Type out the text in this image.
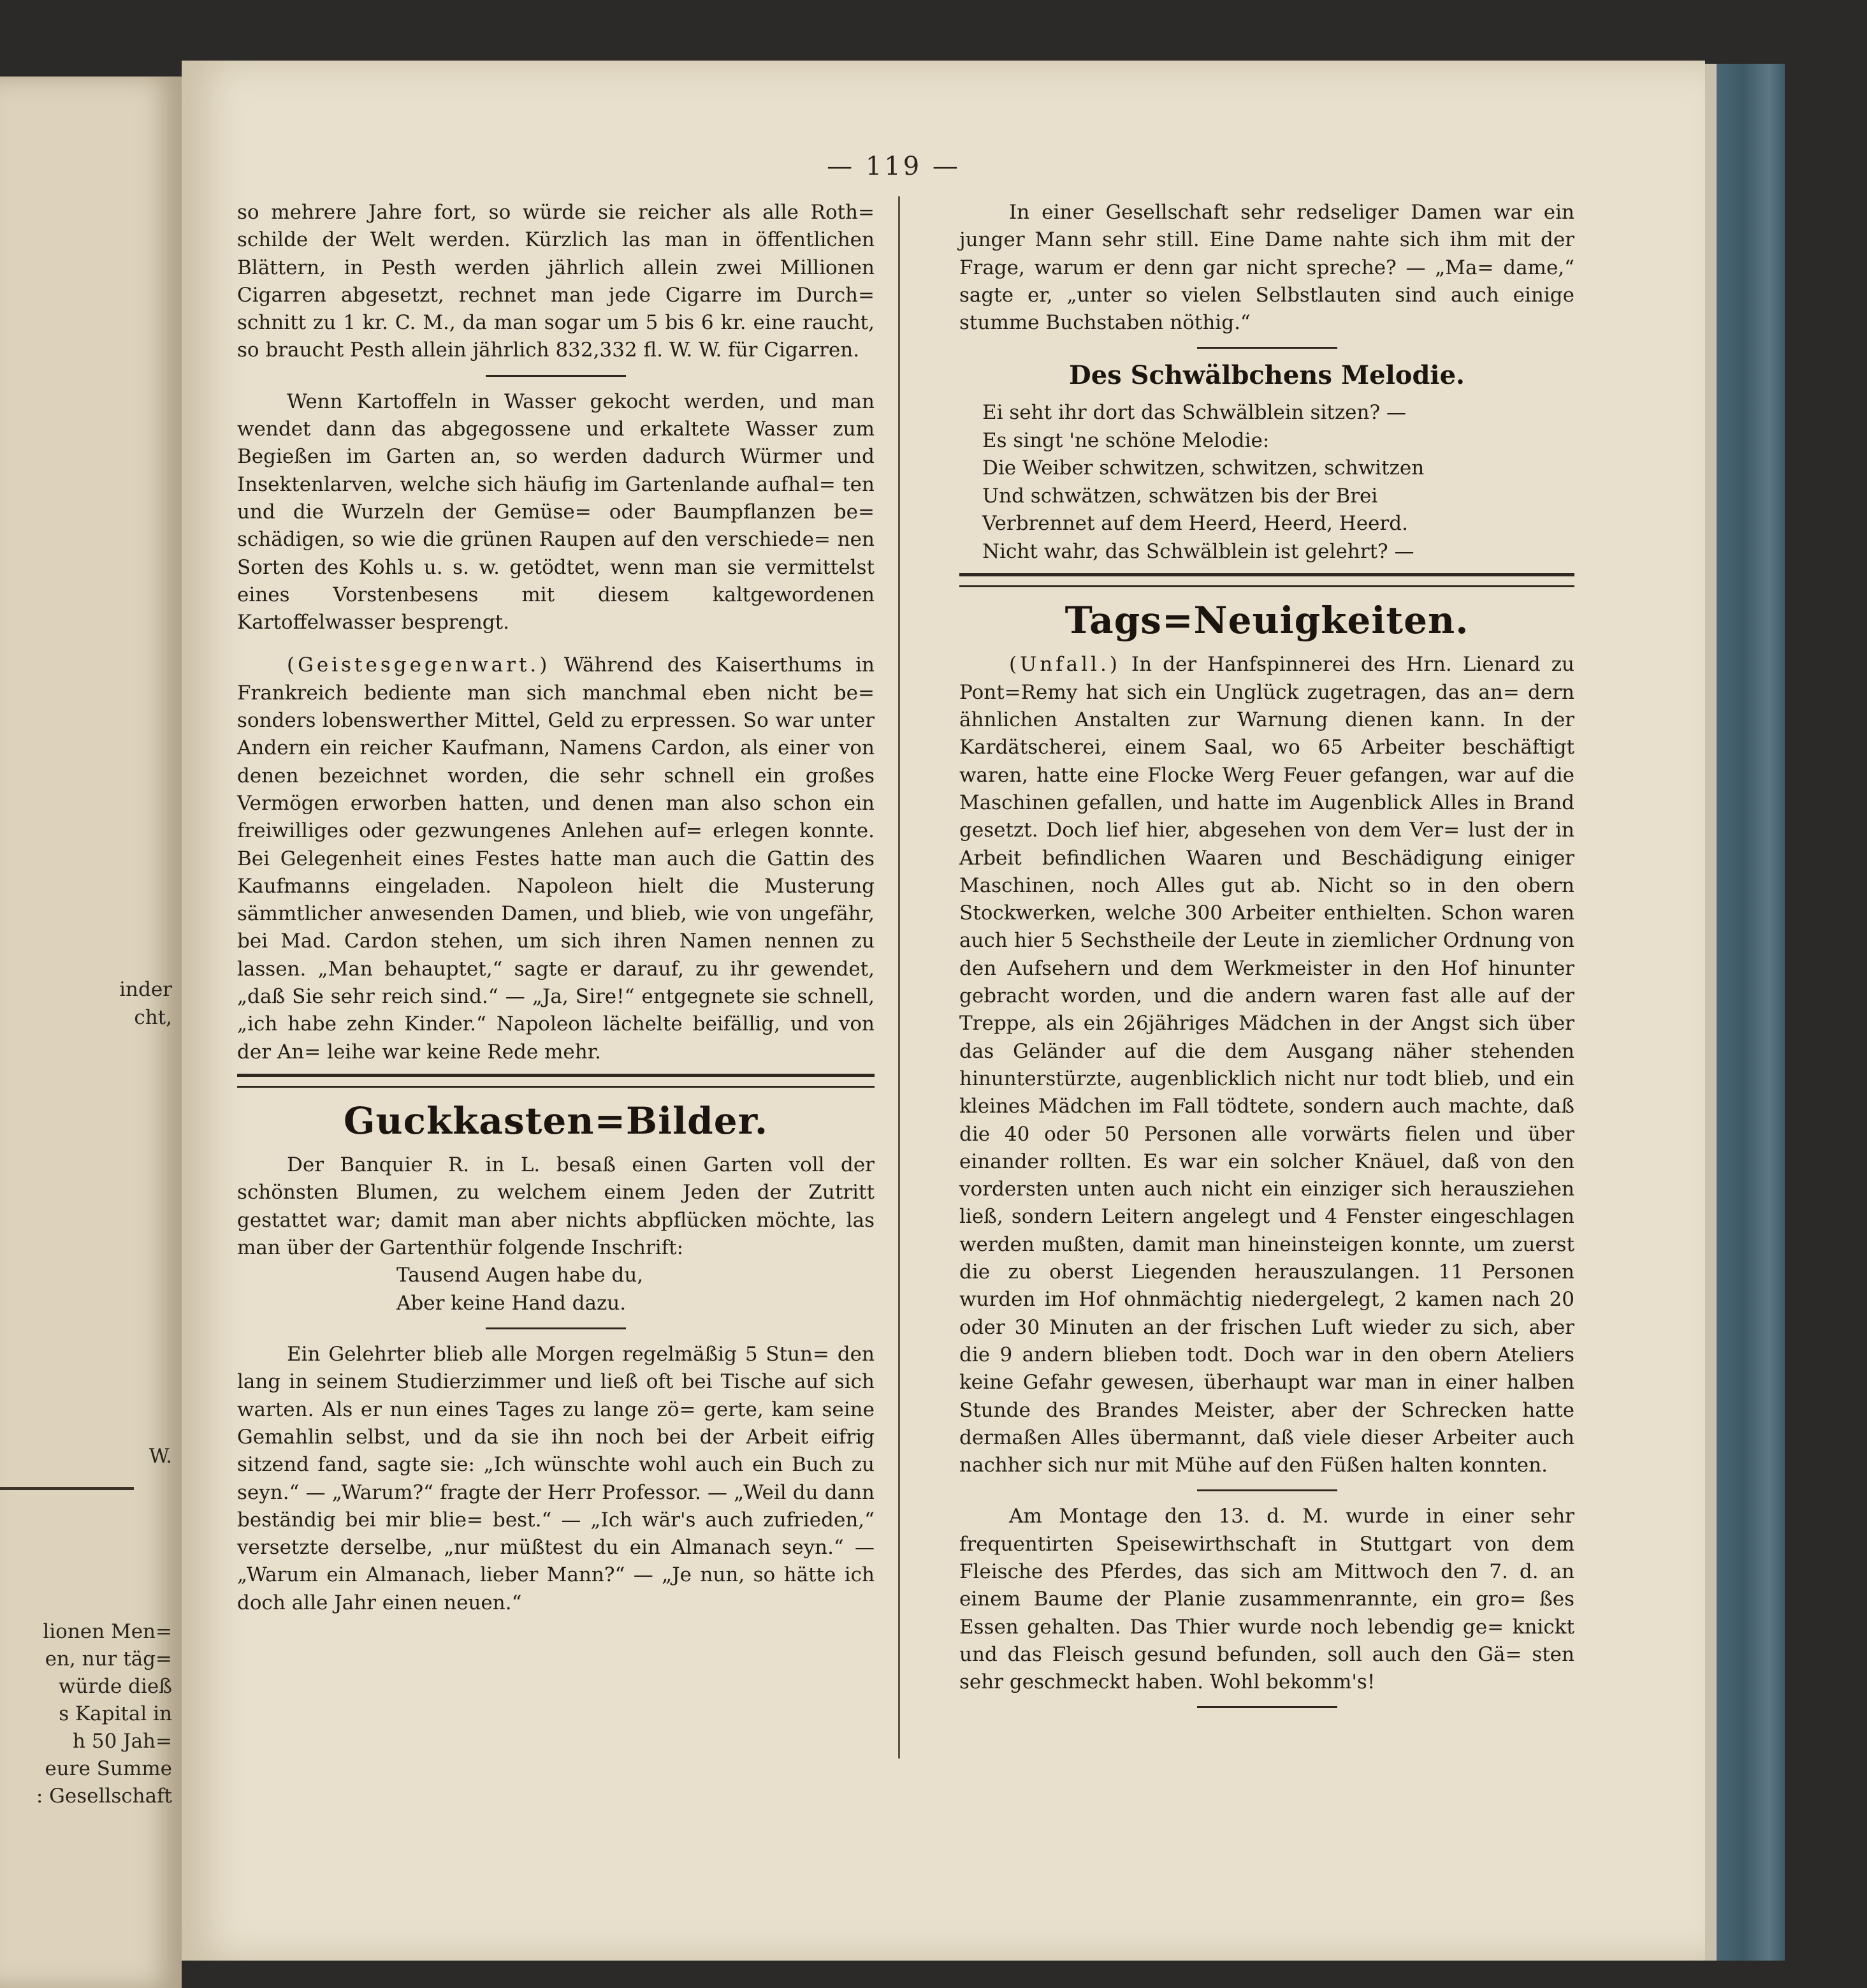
inder
cht,
W.
lionen Men=
en, nur täg=
würde dieß
s Kapital in
h 50 Jah=
eure Summe
: Gesellschaft
— 119 —

so mehrere Jahre fort, so würde sie reicher als alle Roth= schilde der Welt werden. Kürzlich las man in öffentlichen Blättern, in Pesth werden jährlich allein zwei Millionen Cigarren abgesetzt, rechnet man jede Cigarre im Durch= schnitt zu 1 kr. C. M., da man sogar um 5 bis 6 kr. eine raucht, so braucht Pesth allein jährlich 832,332 fl. W. W. für Cigarren.

Wenn Kartoffeln in Wasser gekocht werden, und man wendet dann das abgegossene und erkaltete Wasser zum Begießen im Garten an, so werden dadurch Würmer und Insektenlarven, welche sich häufig im Gartenlande aufhal= ten und die Wurzeln der Gemüse= oder Baumpflanzen be= schädigen, so wie die grünen Raupen auf den verschiede= nen Sorten des Kohls u. s. w. getödtet, wenn man sie vermittelst eines Vorstenbesens mit diesem kaltgewordenen Kartoffelwasser besprengt.

(Geistesgegenwart.) Während des Kaiserthums in Frankreich bediente man sich manchmal eben nicht be= sonders lobenswerther Mittel, Geld zu erpressen. So war unter Andern ein reicher Kaufmann, Namens Cardon, als einer von denen bezeichnet worden, die sehr schnell ein großes Vermögen erworben hatten, und denen man also schon ein freiwilliges oder gezwungenes Anlehen auf= erlegen konnte. Bei Gelegenheit eines Festes hatte man auch die Gattin des Kaufmanns eingeladen. Napoleon hielt die Musterung sämmtlicher anwesenden Damen, und blieb, wie von ungefähr, bei Mad. Cardon stehen, um sich ihren Namen nennen zu lassen. „Man behauptet,“ sagte er darauf, zu ihr gewendet, „daß Sie sehr reich sind.“ — „Ja, Sire!“ entgegnete sie schnell, „ich habe zehn Kinder.“ Napoleon lächelte beifällig, und von der An= leihe war keine Rede mehr.

Guckkasten=Bilder.

Der Banquier R. in L. besaß einen Garten voll der schönsten Blumen, zu welchem einem Jeden der Zutritt gestattet war; damit man aber nichts abpflücken möchte, las man über der Gartenthür folgende Inschrift:

Tausend Augen habe du,
Aber keine Hand dazu.

Ein Gelehrter blieb alle Morgen regelmäßig 5 Stun= den lang in seinem Studierzimmer und ließ oft bei Tische auf sich warten. Als er nun eines Tages zu lange zö= gerte, kam seine Gemahlin selbst, und da sie ihn noch bei der Arbeit eifrig sitzend fand, sagte sie: „Ich wünschte wohl auch ein Buch zu seyn.“ — „Warum?“ fragte der Herr Professor. — „Weil du dann beständig bei mir blie= best.“ — „Ich wär's auch zufrieden,“ versetzte derselbe, „nur müßtest du ein Almanach seyn.“ — „Warum ein Almanach, lieber Mann?“ — „Je nun, so hätte ich doch alle Jahr einen neuen.“

In einer Gesellschaft sehr redseliger Damen war ein junger Mann sehr still. Eine Dame nahte sich ihm mit der Frage, warum er denn gar nicht spreche? — „Ma= dame,“ sagte er, „unter so vielen Selbstlauten sind auch einige stumme Buchstaben nöthig.“

Des Schwälbchens Melodie.
Ei seht ihr dort das Schwälblein sitzen? —
Es singt 'ne schöne Melodie:
Die Weiber schwitzen, schwitzen, schwitzen
Und schwätzen, schwätzen bis der Brei
Verbrennet auf dem Heerd, Heerd, Heerd.
Nicht wahr, das Schwälblein ist gelehrt? —
Tags=Neuigkeiten.

(Unfall.) In der Hanfspinnerei des Hrn. Lienard zu Pont=Remy hat sich ein Unglück zugetragen, das an= dern ähnlichen Anstalten zur Warnung dienen kann. In der Kardätscherei, einem Saal, wo 65 Arbeiter beschäftigt waren, hatte eine Flocke Werg Feuer gefangen, war auf die Maschinen gefallen, und hatte im Augenblick Alles in Brand gesetzt. Doch lief hier, abgesehen von dem Ver= lust der in Arbeit befindlichen Waaren und Beschädigung einiger Maschinen, noch Alles gut ab. Nicht so in den obern Stockwerken, welche 300 Arbeiter enthielten. Schon waren auch hier 5 Sechstheile der Leute in ziemlicher Ordnung von den Aufsehern und dem Werkmeister in den Hof hinunter gebracht worden, und die andern waren fast alle auf der Treppe, als ein 26jähriges Mädchen in der Angst sich über das Geländer auf die dem Ausgang näher stehenden hinunterstürzte, augenblicklich nicht nur todt blieb, und ein kleines Mädchen im Fall tödtete, sondern auch machte, daß die 40 oder 50 Personen alle vorwärts fielen und über einander rollten. Es war ein solcher Knäuel, daß von den vordersten unten auch nicht ein einziger sich herausziehen ließ, sondern Leitern angelegt und 4 Fenster eingeschlagen werden mußten, damit man hineinsteigen konnte, um zuerst die zu oberst Liegenden herauszulangen. 11 Personen wurden im Hof ohnmächtig niedergelegt, 2 kamen nach 20 oder 30 Minuten an der frischen Luft wieder zu sich, aber die 9 andern blieben todt. Doch war in den obern Ateliers keine Gefahr gewesen, überhaupt war man in einer halben Stunde des Brandes Meister, aber der Schrecken hatte dermaßen Alles übermannt, daß viele dieser Arbeiter auch nachher sich nur mit Mühe auf den Füßen halten konnten.

Am Montage den 13. d. M. wurde in einer sehr frequentirten Speisewirthschaft in Stuttgart von dem Fleische des Pferdes, das sich am Mittwoch den 7. d. an einem Baume der Planie zusammenrannte, ein gro= ßes Essen gehalten. Das Thier wurde noch lebendig ge= knickt und das Fleisch gesund befunden, soll auch den Gä= sten sehr geschmeckt haben. Wohl bekomm's!
